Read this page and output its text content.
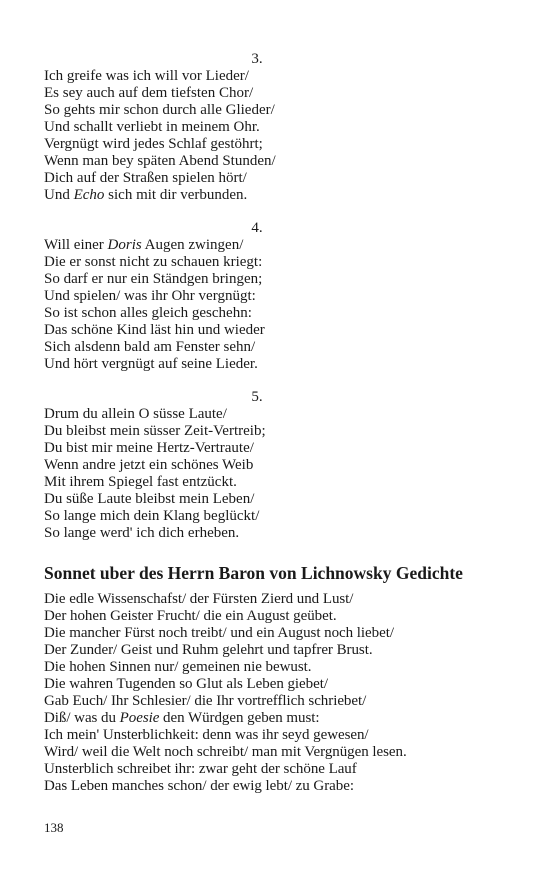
3.
Ich greife was ich will vor Lieder/
Es sey auch auf dem tiefsten Chor/
So gehts mir schon durch alle Glieder/
Und schallt verliebt in meinem Ohr.
Vergnügt wird jedes Schlaf gestöhrt;
Wenn man bey späten Abend Stunden/
Dich auf der Straßen spielen hört/
Und Echo sich mit dir verbunden.
4.
Will einer Doris Augen zwingen/
Die er sonst nicht zu schauen kriegt:
So darf er nur ein Ständgen bringen;
Und spielen/ was ihr Ohr vergnügt:
So ist schon alles gleich geschehn:
Das schöne Kind läst hin und wieder
Sich alsdenn bald am Fenster sehn/
Und hört vergnügt auf seine Lieder.
5.
Drum du allein O süsse Laute/
Du bleibst mein süsser Zeit-Vertreib;
Du bist mir meine Hertz-Vertraute/
Wenn andre jetzt ein schönes Weib
Mit ihrem Spiegel fast entzückt.
Du süße Laute bleibst mein Leben/
So lange mich dein Klang beglückt/
So lange werd' ich dich erheben.
Sonnet uber des Herrn Baron von Lichnowsky Gedichte
Die edle Wissenschafst/ der Fürsten Zierd und Lust/
Der hohen Geister Frucht/ die ein August geübet.
Die mancher Fürst noch treibt/ und ein August noch liebet/
Der Zunder/ Geist und Ruhm gelehrt und tapfrer Brust.
Die hohen Sinnen nur/ gemeinen nie bewust.
Die wahren Tugenden so Glut als Leben giebet/
Gab Euch/ Ihr Schlesier/ die Ihr vortrefflich schriebet/
Diß/ was du Poesie den Würdgen geben must:
Ich mein' Unsterblichkeit: denn was ihr seyd gewesen/
Wird/ weil die Welt noch schreibt/ man mit Vergnügen lesen.
Unsterblich schreibet ihr: zwar geht der schöne Lauf
Das Leben manches schon/ der ewig lebt/ zu Grabe:
138
